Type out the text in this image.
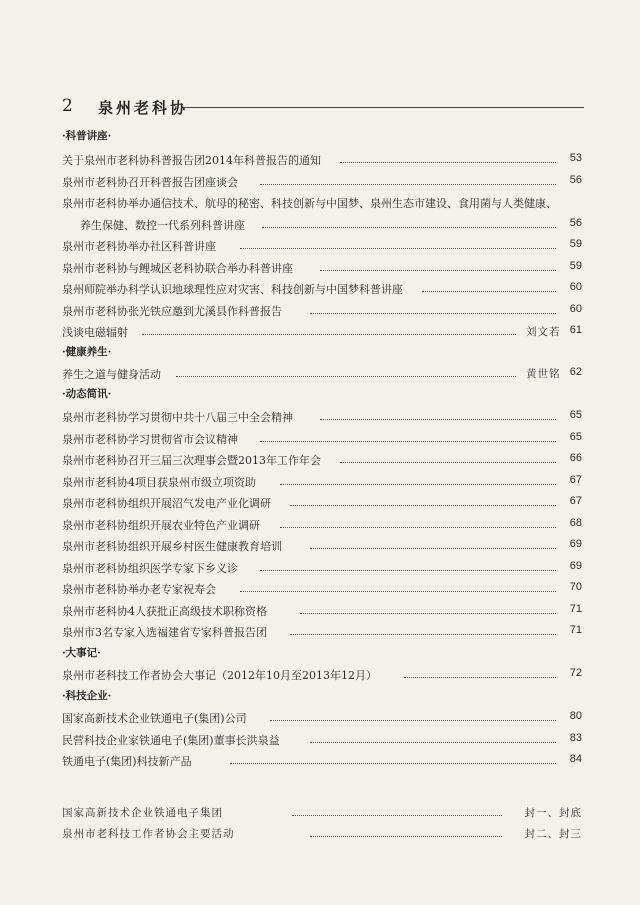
2 泉州老科协
·科普讲座·
关于泉州市老科协科普报告团2014年科普报告的通知	53
泉州市老科协召开科普报告团座谈会	56
泉州市老科协举办通信技术、航母的秘密、科技创新与中国梦、泉州生态市建设、食用菌与人类健康、
养生保健、数控一代系列科普讲座	56
泉州市老科协举办社区科普讲座	59
泉州市老科协与鲤城区老科协联合举办科普讲座	59
泉州师院举办科学认识地球理性应对灾害、科技创新与中国梦科普讲座	60
泉州市老科协张光铁应邀到尤溪县作科普报告	60
浅谈电磁辐射	刘文若 61
·健康养生·
养生之道与健身活动	黄世铭 62
·动态简讯·
泉州市老科协学习贯彻中共十八届三中全会精神	65
泉州市老科协学习贯彻省市会议精神	65
泉州市老科协召开三届三次理事会暨2013年工作年会	66
泉州市老科协4项目获泉州市级立项资助	67
泉州市老科协组织开展沼气发电产业化调研	67
泉州市老科协组织开展农业特色产业调研	68
泉州市老科协组织开展乡村医生健康教育培训	69
泉州市老科协组织医学专家下乡义诊	69
泉州市老科协举办老专家祝寿会	70
泉州市老科协4人获批正高级技术职称资格	71
泉州市3名专家入选福建省专家科普报告团	71
·大事记·
泉州市老科技工作者协会大事记（2012年10月至2013年12月）	72
·科技企业·
国家高新技术企业铁通电子(集团)公司	80
民营科技企业家铁通电子(集团)董事长洪泉益	83
铁通电子(集团)科技新产品	84
国家高新技术企业铁通电子集团	封一、封底
泉州市老科技工作者协会主要活动	封二、封三
